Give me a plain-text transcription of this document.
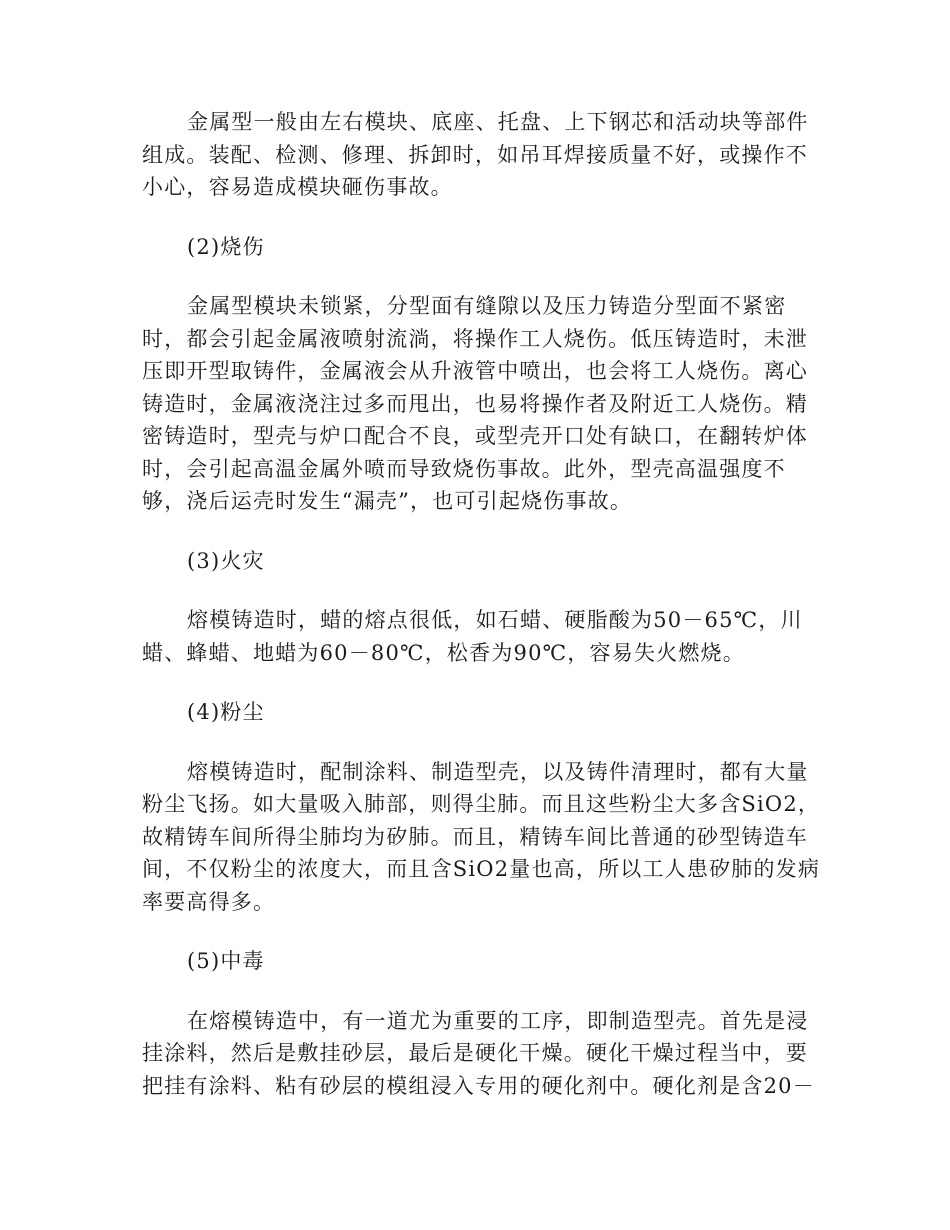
金属型一般由左右模块、底座、托盘、上下钢芯和活动块等部件
组成。装配、检测、修理、拆卸时，如吊耳焊接质量不好，或操作不
小心，容易造成模块砸伤事故。

(2)烧伤

金属型模块未锁紧，分型面有缝隙以及压力铸造分型面不紧密
时，都会引起金属液喷射流淌，将操作工人烧伤。低压铸造时，未泄
压即开型取铸件，金属液会从升液管中喷出，也会将工人烧伤。离心
铸造时，金属液浇注过多而甩出，也易将操作者及附近工人烧伤。精
密铸造时，型壳与炉口配合不良，或型壳开口处有缺口，在翻转炉体
时，会引起高温金属外喷而导致烧伤事故。此外，型壳高温强度不
够，浇后运壳时发生“漏壳”，也可引起烧伤事故。

(3)火灾

熔模铸造时，蜡的熔点很低，如石蜡、硬脂酸为50－65℃，川
蜡、蜂蜡、地蜡为60－80℃，松香为90℃，容易失火燃烧。

(4)粉尘

熔模铸造时，配制涂料、制造型壳，以及铸件清理时，都有大量
粉尘飞扬。如大量吸入肺部，则得尘肺。而且这些粉尘大多含SiO2，
故精铸车间所得尘肺均为矽肺。而且，精铸车间比普通的砂型铸造车
间，不仅粉尘的浓度大，而且含SiO2量也高，所以工人患矽肺的发病
率要高得多。

(5)中毒

在熔模铸造中，有一道尤为重要的工序，即制造型壳。首先是浸
挂涂料，然后是敷挂砂层，最后是硬化干燥。硬化干燥过程当中，要
把挂有涂料、粘有砂层的模组浸入专用的硬化剂中。硬化剂是含20－
